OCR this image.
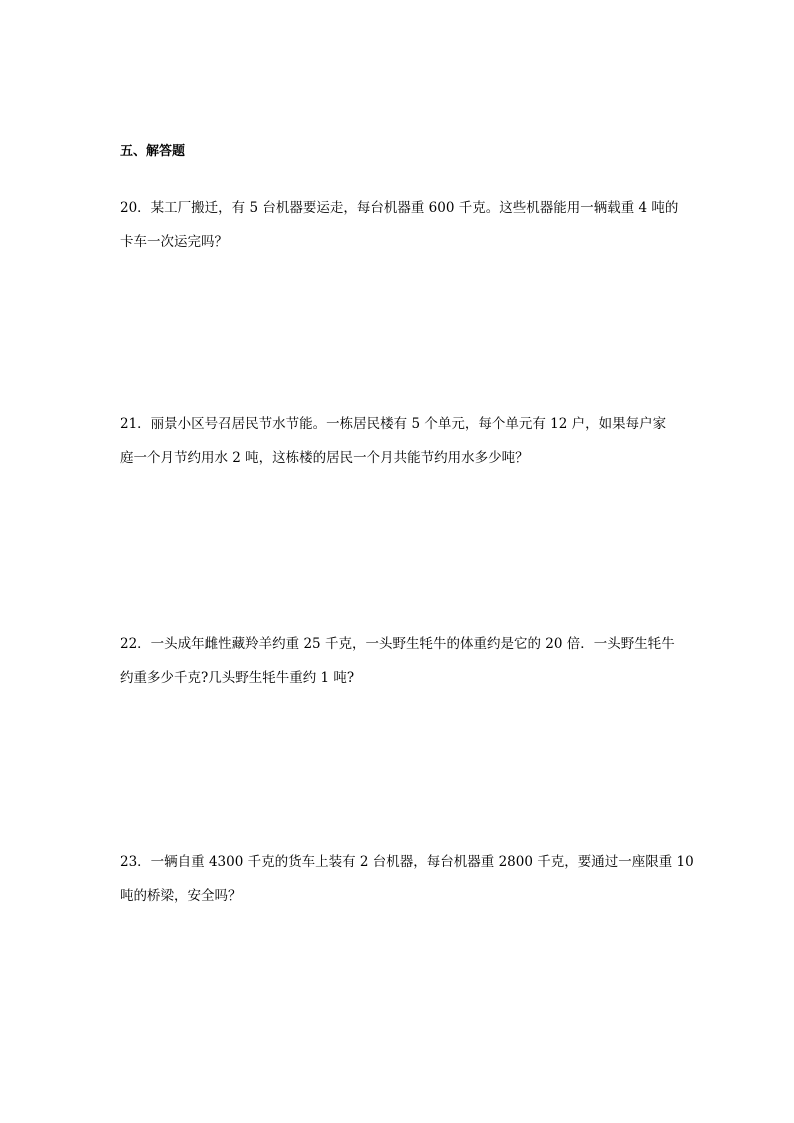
五、解答题
20．某工厂搬迁，有 5 台机器要运走，每台机器重 600 千克。这些机器能用一辆载重 4 吨的
卡车一次运完吗？
21．丽景小区号召居民节水节能。一栋居民楼有 5 个单元，每个单元有 12 户，如果每户家
庭一个月节约用水 2 吨，这栋楼的居民一个月共能节约用水多少吨？
22．一头成年雌性藏羚羊约重 25 千克，一头野生牦牛的体重约是它的 20 倍．一头野生牦牛
约重多少千克?几头野生牦牛重约 1 吨?
23．一辆自重 4300 千克的货车上装有 2 台机器，每台机器重 2800 千克，要通过一座限重 10
吨的桥梁，安全吗？
